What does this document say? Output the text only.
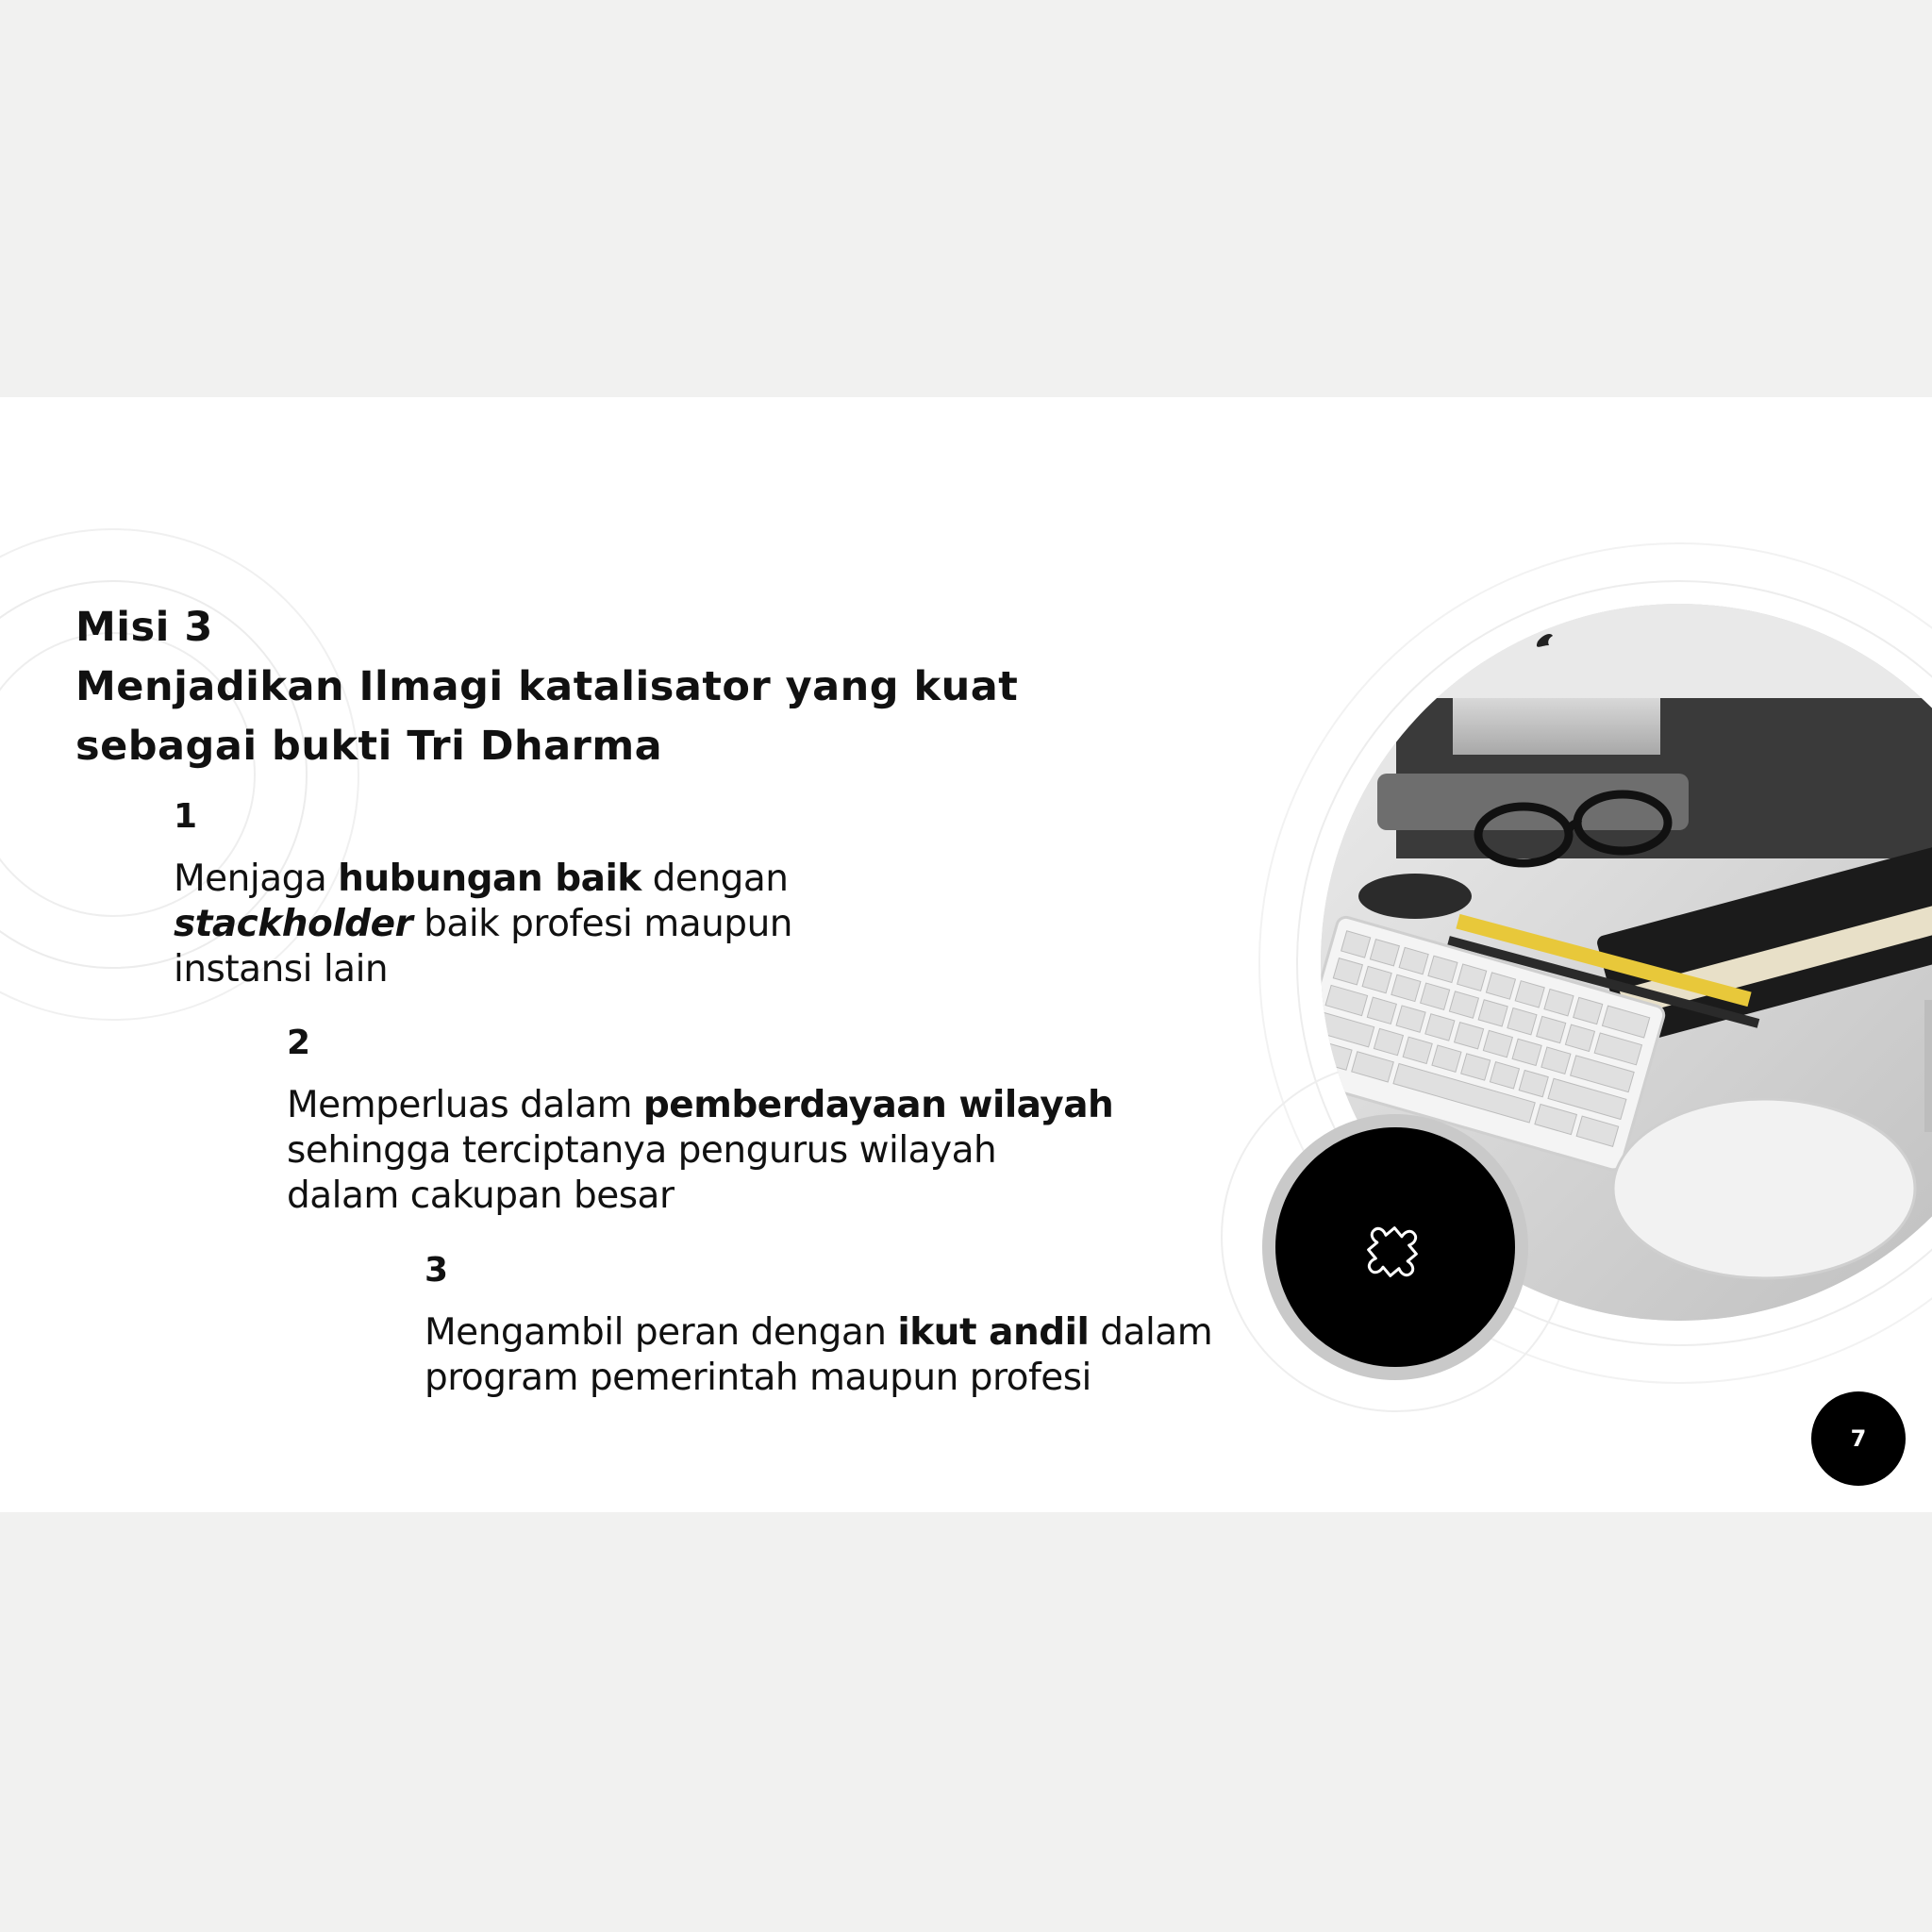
Misi 3
Menjadikan Ilmagi katalisator yang kuat
sebagai bukti Tri Dharma
1
Menjaga hubungan baik dengan
stackholder baik profesi maupun
instansi lain
2
Memperluas dalam pemberdayaan wilayah
sehingga terciptanya pengurus wilayah
dalam cakupan besar
3
Mengambil peran dengan ikut andil dalam
program pemerintah maupun profesi
7
